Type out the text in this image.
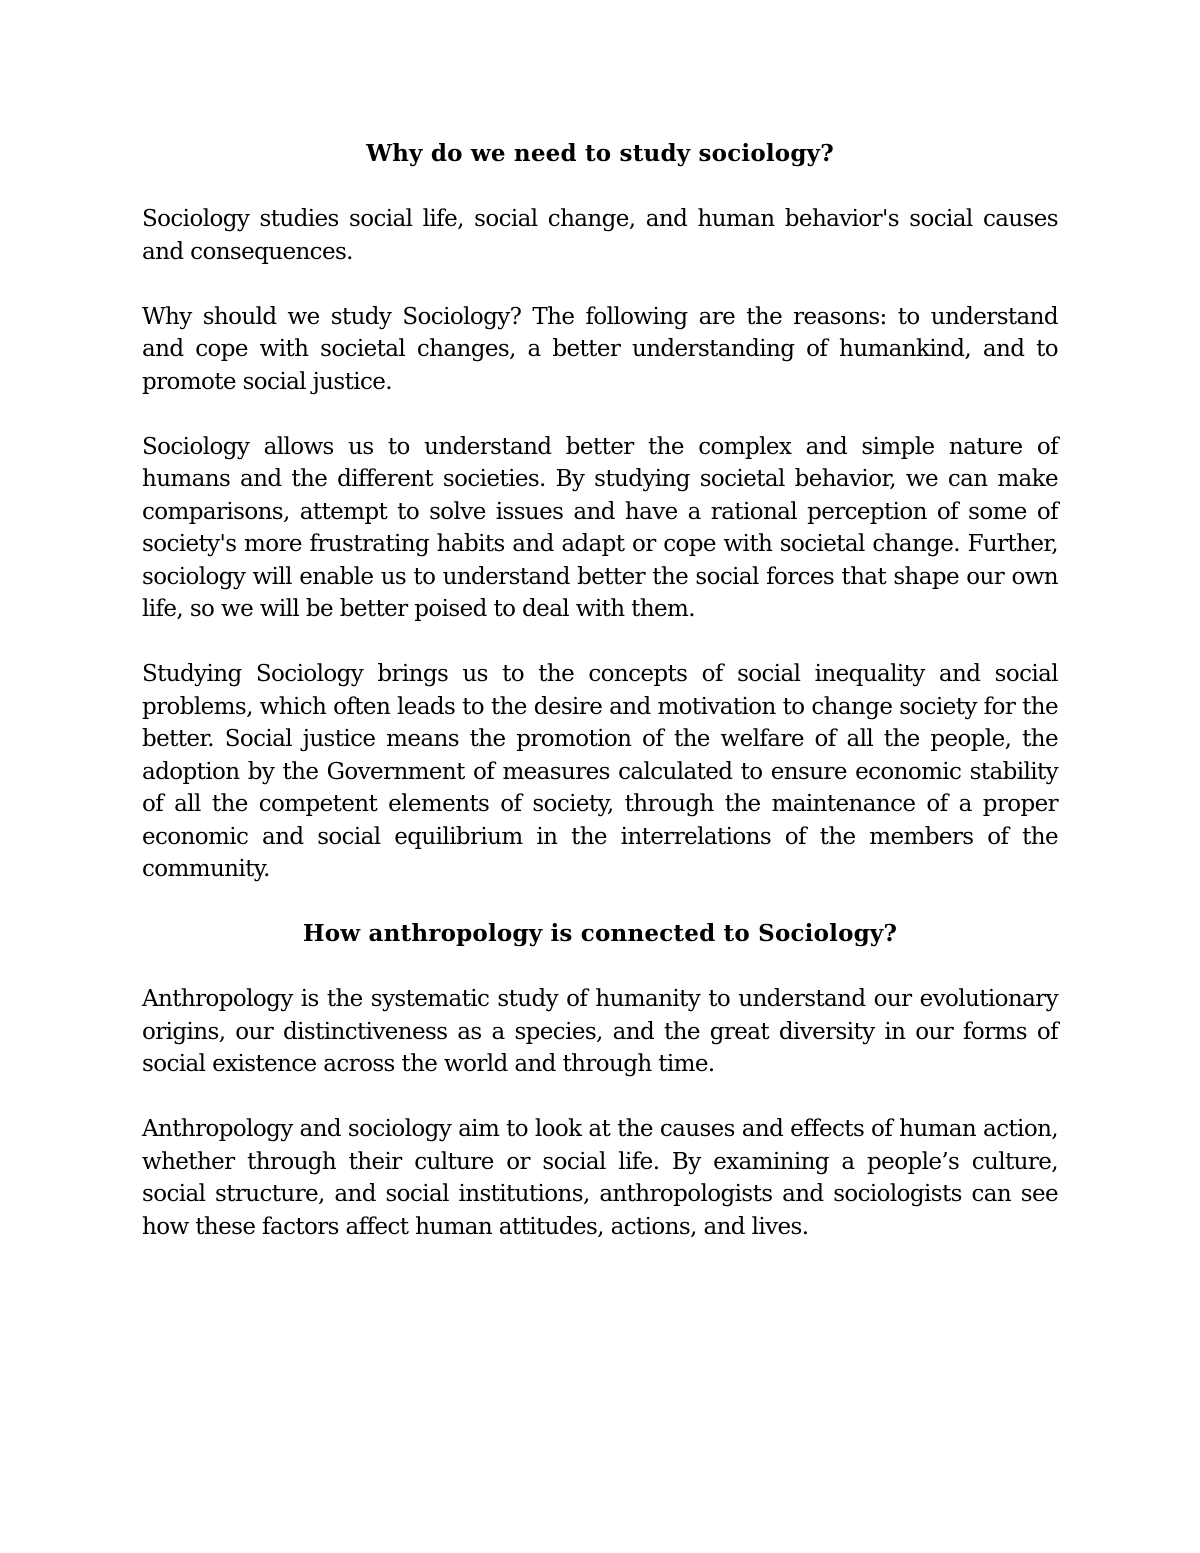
Why do we need to study sociology?

Sociology studies social life, social change, and human behavior's social causes and consequences.

Why should we study Sociology? The following are the reasons: to understand and cope with societal changes, a better understanding of humankind, and to promote social justice.

Sociology allows us to understand better the complex and simple nature of humans and the different societies. By studying societal behavior, we can make comparisons, attempt to solve issues and have a rational perception of some of society's more frustrating habits and adapt or cope with societal change. Further, sociology will enable us to understand better the social forces that shape our own life, so we will be better poised to deal with them.

Studying Sociology brings us to the concepts of social inequality and social problems, which often leads to the desire and motivation to change society for the better. Social justice means the promotion of the welfare of all the people, the adoption by the Government of measures calculated to ensure economic stability of all the competent elements of society, through the maintenance of a proper economic and social equilibrium in the interrelations of the members of the community.

How anthropology is connected to Sociology?

Anthropology is the systematic study of humanity to understand our evolutionary origins, our distinctiveness as a species, and the great diversity in our forms of social existence across the world and through time.

Anthropology and sociology aim to look at the causes and effects of human action, whether through their culture or social life. By examining a people’s culture, social structure, and social institutions, anthropologists and sociologists can see how these factors affect human attitudes, actions, and lives.
